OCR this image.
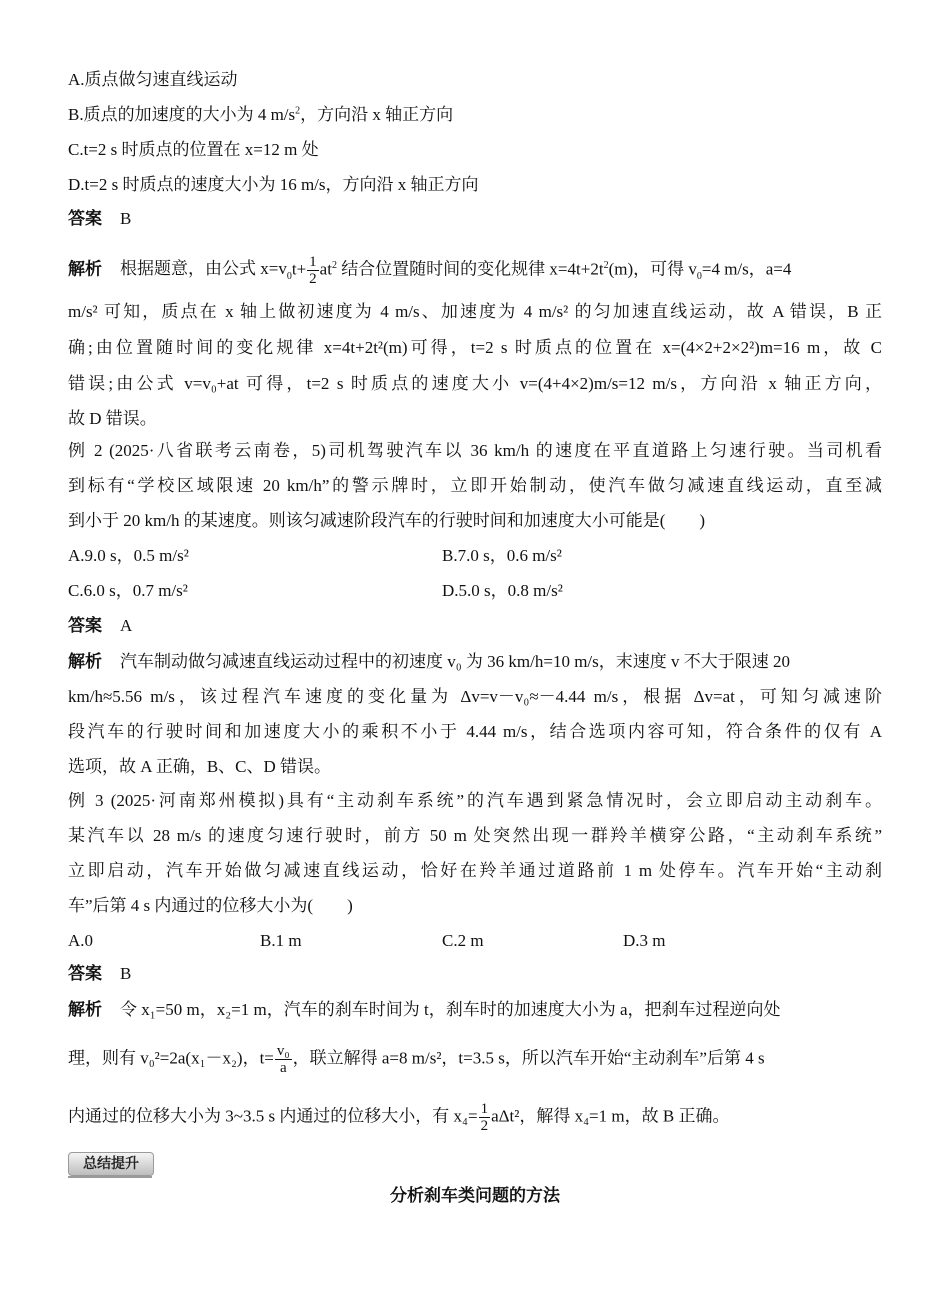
A.质点做匀速直线运动
B.质点的加速度的大小为 4 $m/s^2$，方向沿 x 轴正方向
C.t=2 s 时质点的位置在 x=12 m 处
D.t=2 s 时质点的速度大小为 16 m/s，方向沿 x 轴正方向
答案 B
解析 根据题意，由公式 $x=v_0t+ \frac{1}{2} at^2$ 结合位置随时间的变化规律 $x=4t+2t^2(m)$，可得 $v_0=4$ m/s，a=4
m/s² 可知，质点在 x 轴上做初速度为 4 m/s、加速度为 4 m/s² 的匀加速直线运动，故 A 错误，B 正
确;由位置随时间的变化规律 x=4t+2t²(m)可得，t=2 s 时质点的位置在 x=(4×2+2×2²)m=16 m，故 C
错误;由公式 v=v₀+at 可得，t=2 s 时质点的速度大小 v=(4+4×2)m/s=12 m/s，方向沿 x 轴正方向，
故 D 错误。
例 2 (2025·八省联考云南卷，5)司机驾驶汽车以 36 km/h 的速度在平直道路上匀速行驶。当司机看
到标有“学校区域限速 20 km/h”的警示牌时，立即开始制动，使汽车做匀减速直线运动，直至减
到小于 20 km/h 的某速度。则该匀减速阶段汽车的行驶时间和加速度大小可能是(　　)
A.9.0 s，0.5 m/s²	B.7.0 s，0.6 m/s²
C.6.0 s，0.7 m/s²	D.5.0 s，0.8 m/s²
答案 A
解析 汽车制动做匀减速直线运动过程中的初速度 v₀ 为 36 km/h=10 m/s，末速度 v 不大于限速 20
km/h≈5.56 m/s，该过程汽车速度的变化量为 Δv=v－v₀≈－4.44 m/s，根据 Δv=at，可知匀减速阶
段汽车的行驶时间和加速度大小的乘积不小于 4.44 m/s，结合选项内容可知，符合条件的仅有 A
选项，故 A 正确，B、C、D 错误。
例 3 (2025·河南郑州模拟)具有“主动刹车系统”的汽车遇到紧急情况时，会立即启动主动刹车。
某汽车以 28 m/s 的速度匀速行驶时，前方 50 m 处突然出现一群羚羊横穿公路，“主动刹车系统”
立即启动，汽车开始做匀减速直线运动，恰好在羚羊通过道路前 1 m 处停车。汽车开始“主动刹
车”后第 4 s 内通过的位移大小为(　　)
A.0	B.1 m	C.2 m	D.3 m
答案 B
解析 令 x₁=50 m，x₂=1 m，汽车的刹车时间为 t，刹车时的加速度大小为 a，把刹车过程逆向处
理，则有 v₀²=2a(x₁－x₂)，$t= \frac{\text{v₀}}{a}$ ，联立解得 a=8 m/s²，t=3.5 s，所以汽车开始“主动刹车”后第 4 s
内通过的位移大小为 3~3.5 s 内通过的位移大小，有 $x_4= \frac{1}{2} a\Delta t^2$，解得 x₄=1 m，故 B 正确。
总结提升
分析刹车类问题的方法
